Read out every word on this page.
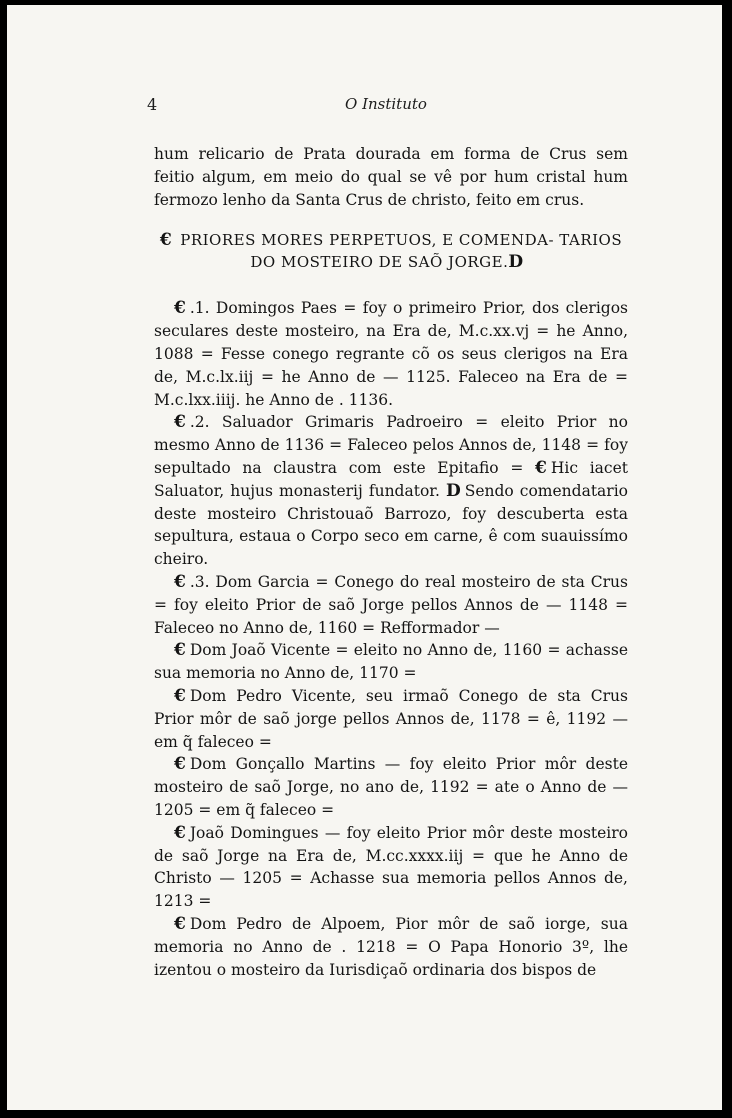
4	O Instituto

hum relicario de Prata dourada em forma de Crus sem feitio algum, em meio do qual se vê por hum cristal hum fermozo lenho da Santa Crus de christo, feito em crus.

€ PRIORES MORES PERPETUOS, E COMENDA- TARIOS DO MOSTEIRO DE SAÕ JORGE.D

€ .1. Domingos Paes = foy o primeiro Prior, dos clerigos seculares deste mosteiro, na Era de, M.c.xx.vj = he Anno, 1088 = Fesse conego regrante cõ os seus clerigos na Era de, M.c.lx.iij = he Anno de — 1125. Faleceo na Era de = M.c.lxx.iiij. he Anno de . 1136.

€ .2. Saluador Grimaris Padroeiro = eleito Prior no mesmo Anno de 1136 = Faleceo pelos Annos de, 1148 = foy sepultado na claustra com este Epitafio = € Hic iacet Saluator, hujus monasterij fundator. D Sendo comendatario deste mosteiro Christouaõ Barrozo, foy descuberta esta sepultura, estaua o Corpo seco em carne, ê com suauissímo cheiro.

€ .3. Dom Garcia = Conego do real mosteiro de sta Crus = foy eleito Prior de saõ Jorge pellos Annos de — 1148 = Faleceo no Anno de, 1160 = Refformador —

€ Dom Joaõ Vicente = eleito no Anno de, 1160 = achasse sua memoria no Anno de, 1170 =

€ Dom Pedro Vicente, seu irmaõ Conego de sta Crus Prior môr de saõ jorge pellos Annos de, 1178 = ê, 1192 — em q̃ faleceo =

€ Dom Gonçallo Martins — foy eleito Prior môr deste mosteiro de saõ Jorge, no ano de, 1192 = ate o Anno de — 1205 = em q̃ faleceo =

€ Joaõ Domingues — foy eleito Prior môr deste mosteiro de saõ Jorge na Era de, M.cc.xxxx.iij = que he Anno de Christo — 1205 = Achasse sua memoria pellos Annos de, 1213 =

€ Dom Pedro de Alpoem, Pior môr de saõ iorge, sua memoria no Anno de . 1218 = O Papa Honorio 3º, lhe izentou o mosteiro da Iurisdiçaõ ordinaria dos bispos de
